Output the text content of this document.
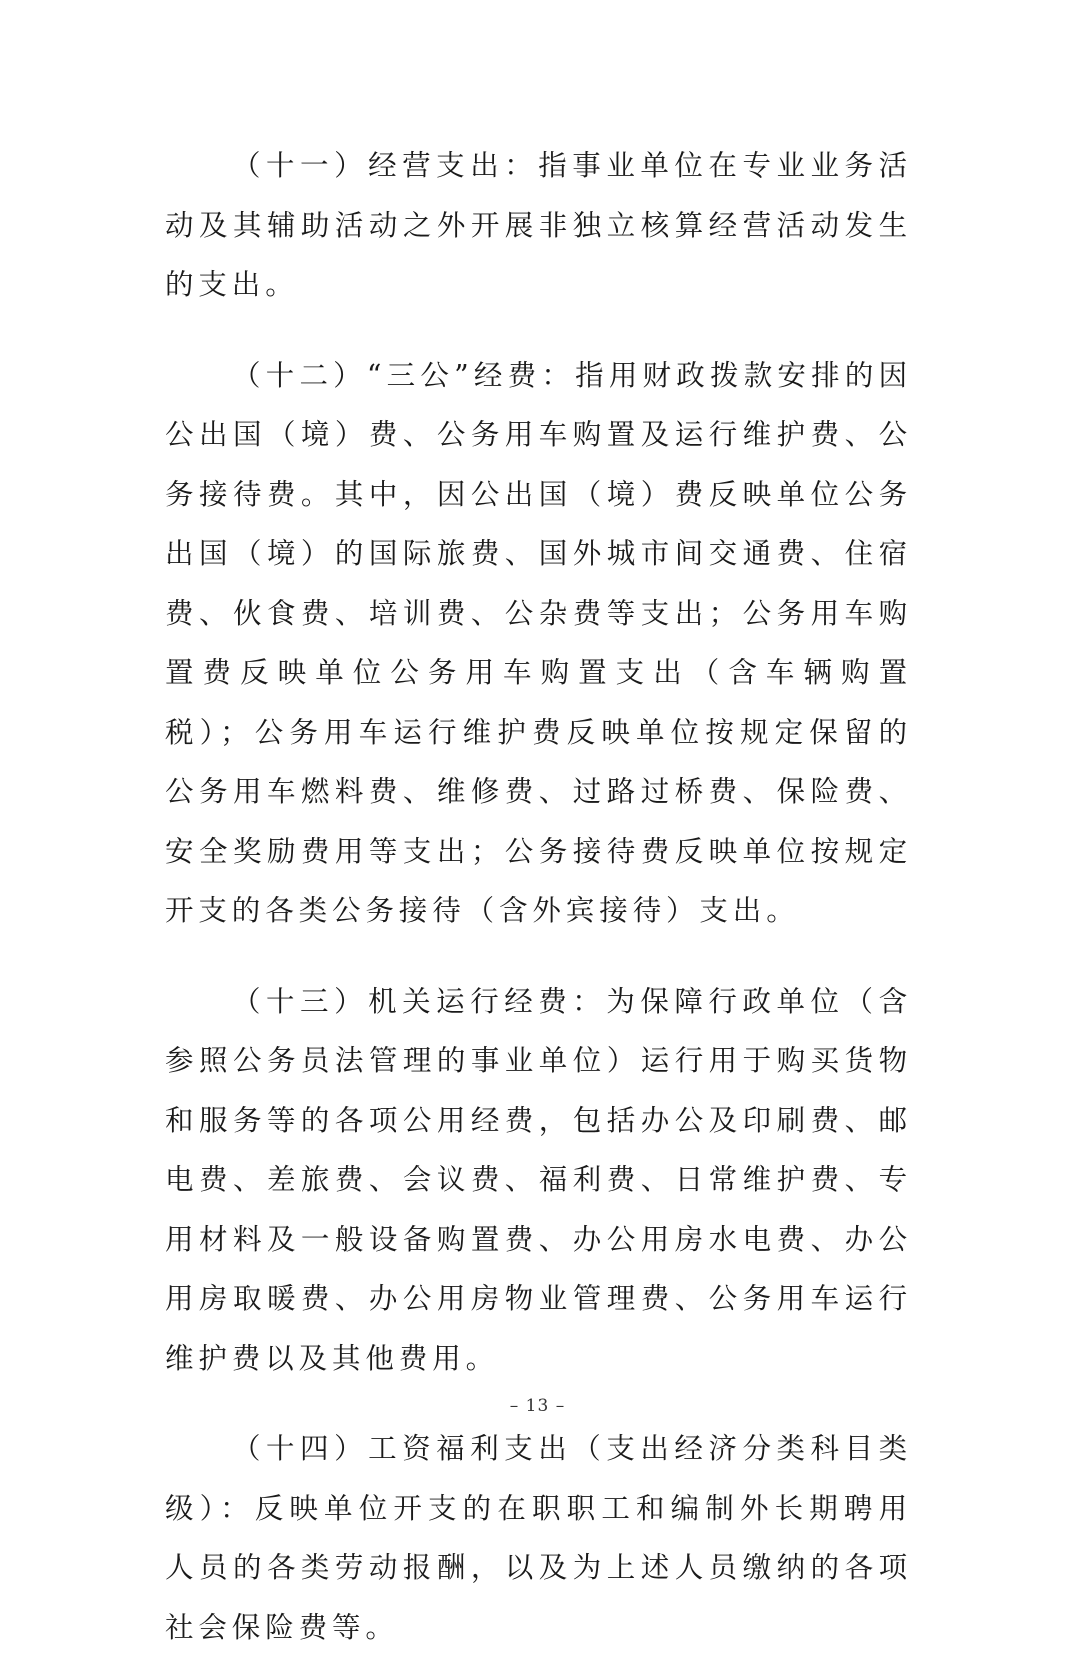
（十一）经营支出：指事业单位在专业业务活动及其辅助活动之外开展非独立核算经营活动发生的支出。

（十二）“三公”经费：指用财政拨款安排的因公出国（境）费、公务用车购置及运行维护费、公务接待费。其中，因公出国（境）费反映单位公务出国（境）的国际旅费、国外城市间交通费、住宿费、伙食费、培训费、公杂费等支出；公务用车购置费反映单位公务用车购置支出（含车辆购置税）；公务用车运行维护费反映单位按规定保留的公务用车燃料费、维修费、过路过桥费、保险费、安全奖励费用等支出；公务接待费反映单位按规定开支的各类公务接待（含外宾接待）支出。

（十三）机关运行经费：为保障行政单位（含参照公务员法管理的事业单位）运行用于购买货物和服务等的各项公用经费，包括办公及印刷费、邮电费、差旅费、会议费、福利费、日常维护费、专用材料及一般设备购置费、办公用房水电费、办公用房取暖费、办公用房物业管理费、公务用车运行维护费以及其他费用。

（十四）工资福利支出（支出经济分类科目类级）：反映单位开支的在职职工和编制外长期聘用人员的各类劳动报酬，以及为上述人员缴纳的各项社会保险费等。

– 13 –
